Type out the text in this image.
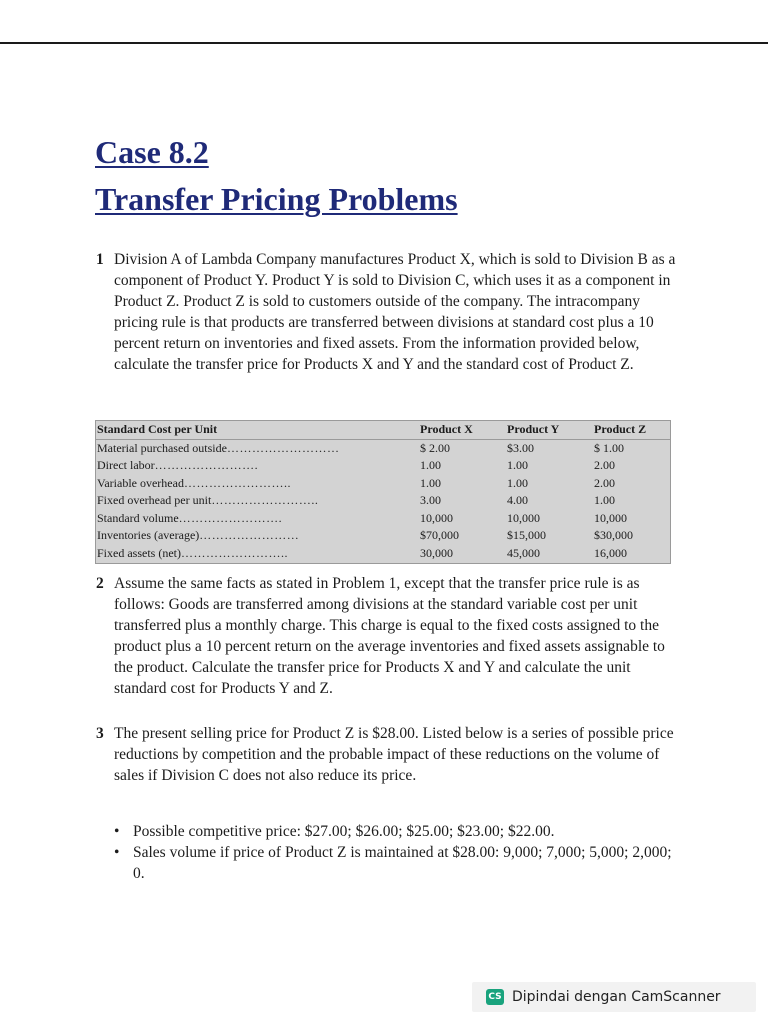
Case 8.2
Transfer Pricing Problems
1 Division A of Lambda Company manufactures Product X, which is sold to Division B as a component of Product Y. Product Y is sold to Division C, which uses it as a component in Product Z. Product Z is sold to customers outside of the company. The intracompany pricing rule is that products are transferred between divisions at standard cost plus a 10 percent return on inventories and fixed assets. From the information provided below, calculate the transfer price for Products X and Y and the standard cost of Product Z.
Standard Cost per Unit	Product X	Product Y	Product Z
Material purchased outside………………………	$ 2.00	$3.00	$ 1.00
Direct labor…………………….	1.00	1.00	2.00
Variable overhead……………………..	1.00	1.00	2.00
Fixed overhead per unit……………………..	3.00	4.00	1.00
Standard volume…………………….	10,000	10,000	10,000
Inventories (average)……………………	$70,000	$15,000	$30,000
Fixed assets (net)……………………..	30,000	45,000	16,000
2 Assume the same facts as stated in Problem 1, except that the transfer price rule is as follows: Goods are transferred among divisions at the standard variable cost per unit transferred plus a monthly charge. This charge is equal to the fixed costs assigned to the product plus a 10 percent return on the average inventories and fixed assets assignable to the product. Calculate the transfer price for Products X and Y and calculate the unit standard cost for Products Y and Z.
3 The present selling price for Product Z is $28.00. Listed below is a series of possible price reductions by competition and the probable impact of these reductions on the volume of sales if Division C does not also reduce its price.
• Possible competitive price: $27.00; $26.00; $25.00; $23.00; $22.00.
• Sales volume if price of Product Z is maintained at $28.00: 9,000; 7,000; 5,000; 2,000; 0.
CS Dipindai dengan CamScanner
